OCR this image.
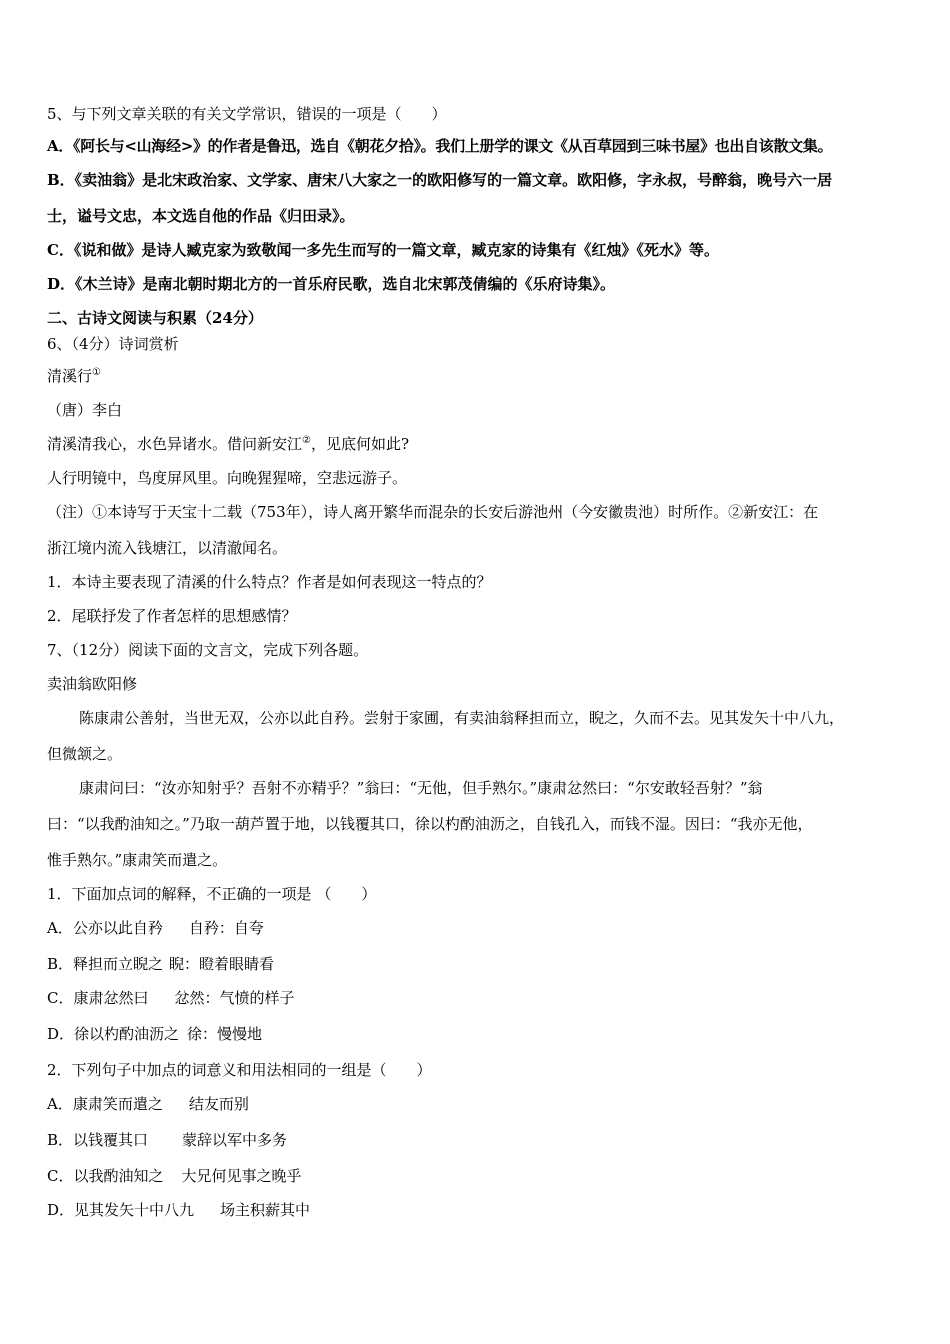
5、与下列文章关联的有关文学常识，错误的一项是（　　）
A．《阿长与<山海经>》的作者是鲁迅，选自《朝花夕拾》。我们上册学的课文《从百草园到三味书屋》也出自该散文集。
B．《卖油翁》是北宋政治家、文学家、唐宋八大家之一的欧阳修写的一篇文章。欧阳修，字永叔，号醉翁，晚号六一居
士，谥号文忠，本文选自他的作品《归田录》。
C．《说和做》是诗人臧克家为致敬闻一多先生而写的一篇文章，臧克家的诗集有《红烛》《死水》等。
D．《木兰诗》是南北朝时期北方的一首乐府民歌，选自北宋郭茂倩编的《乐府诗集》。
二、古诗文阅读与积累（24分）
6、（4分）诗词赏析
清溪行①
（唐）李白
清溪清我心，水色异诸水。借问新安江②，见底何如此?
人行明镜中，鸟度屏风里。向晚猩猩啼，空悲远游子。
（注）①本诗写于天宝十二载（753年），诗人离开繁华而混杂的长安后游池州（今安徽贵池）时所作。②新安江：在
浙江境内流入钱塘江，以清澈闻名。
1．本诗主要表现了清溪的什么特点？作者是如何表现这一特点的？
2．尾联抒发了作者怎样的思想感情？
7、（12分）阅读下面的文言文，完成下列各题。
卖油翁欧阳修
陈康肃公善射，当世无双，公亦以此自矜。尝射于家圃，有卖油翁释担而立，睨之，久而不去。见其发矢十中八九，
但微颔之。
康肃问曰：“汝亦知射乎？吾射不亦精乎？”翁曰：“无他，但手熟尔。”康肃忿然曰：“尔安敢轻吾射？”翁
曰：“以我酌油知之。”乃取一葫芦置于地，以钱覆其口，徐以杓酌油沥之，自钱孔入，而钱不湿。因曰：“我亦无他，
惟手熟尔。”康肃笑而遣之。
1．下面加点词的解释，不正确的一项是 （　　）
A．公亦以此自矜 自矜：自夸
B．释担而立睨之 睨：瞪着眼睛看
C．康肃忿然曰 忿然：气愤的样子
D．徐以杓酌油沥之 徐：慢慢地
2．下列句子中加点的词意义和用法相同的一组是（　　）
A．康肃笑而遣之 结友而别
B．以钱覆其口 蒙辞以军中多务
C．以我酌油知之 大兄何见事之晚乎
D．见其发矢十中八九 场主积薪其中
